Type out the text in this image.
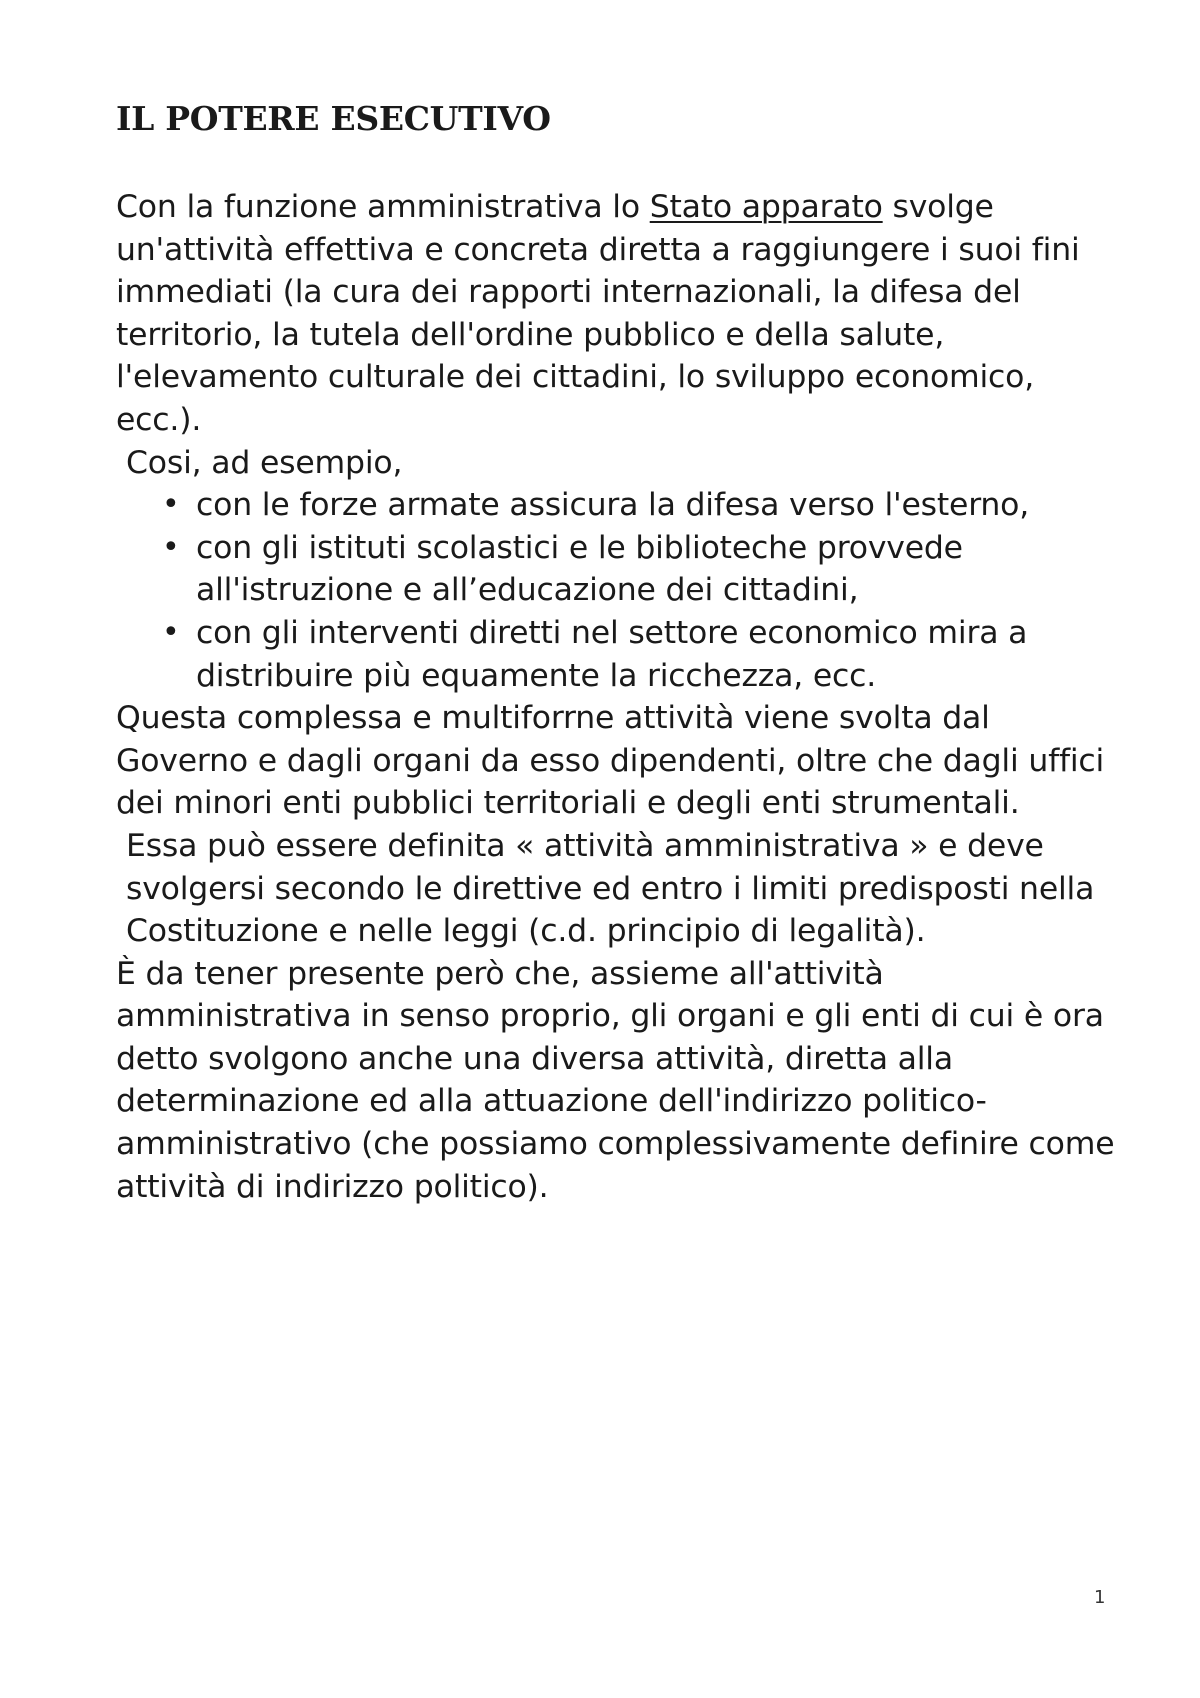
IL POTERE ESECUTIVO

Con la funzione amministrativa lo Stato apparato svolge un'attività effettiva e concreta diretta a raggiungere i suoi fini immediati (la cura dei rapporti internazionali, la difesa del territorio, la tutela dell'ordine pubblico e della salute, l'elevamento culturale dei cittadini, lo sviluppo economico, ecc.).

Cosi, ad esempio,

• con le forze armate assicura la difesa verso l'esterno,
• con gli istituti scolastici e le biblioteche provvede all'istruzione e all’educazione dei cittadini,
• con gli interventi diretti nel settore economico mira a distribuire più equamente la ricchezza, ecc.

Questa complessa e multiforrne attività viene svolta dal Governo e dagli organi da esso dipendenti, oltre che dagli uffici dei minori enti pubblici territoriali e degli enti strumentali.

Essa può essere definita « attività amministrativa » e deve svolgersi secondo le direttive ed entro i limiti predisposti nella Costituzione e nelle leggi (c.d. principio di legalità).

È da tener presente però che, assieme all'attività amministrativa in senso proprio, gli organi e gli enti di cui è ora detto svolgono anche una diversa attività, diretta alla determinazione ed alla attuazione dell'indirizzo politico-amministrativo (che possiamo complessivamente definire come attività di indirizzo politico).

1
